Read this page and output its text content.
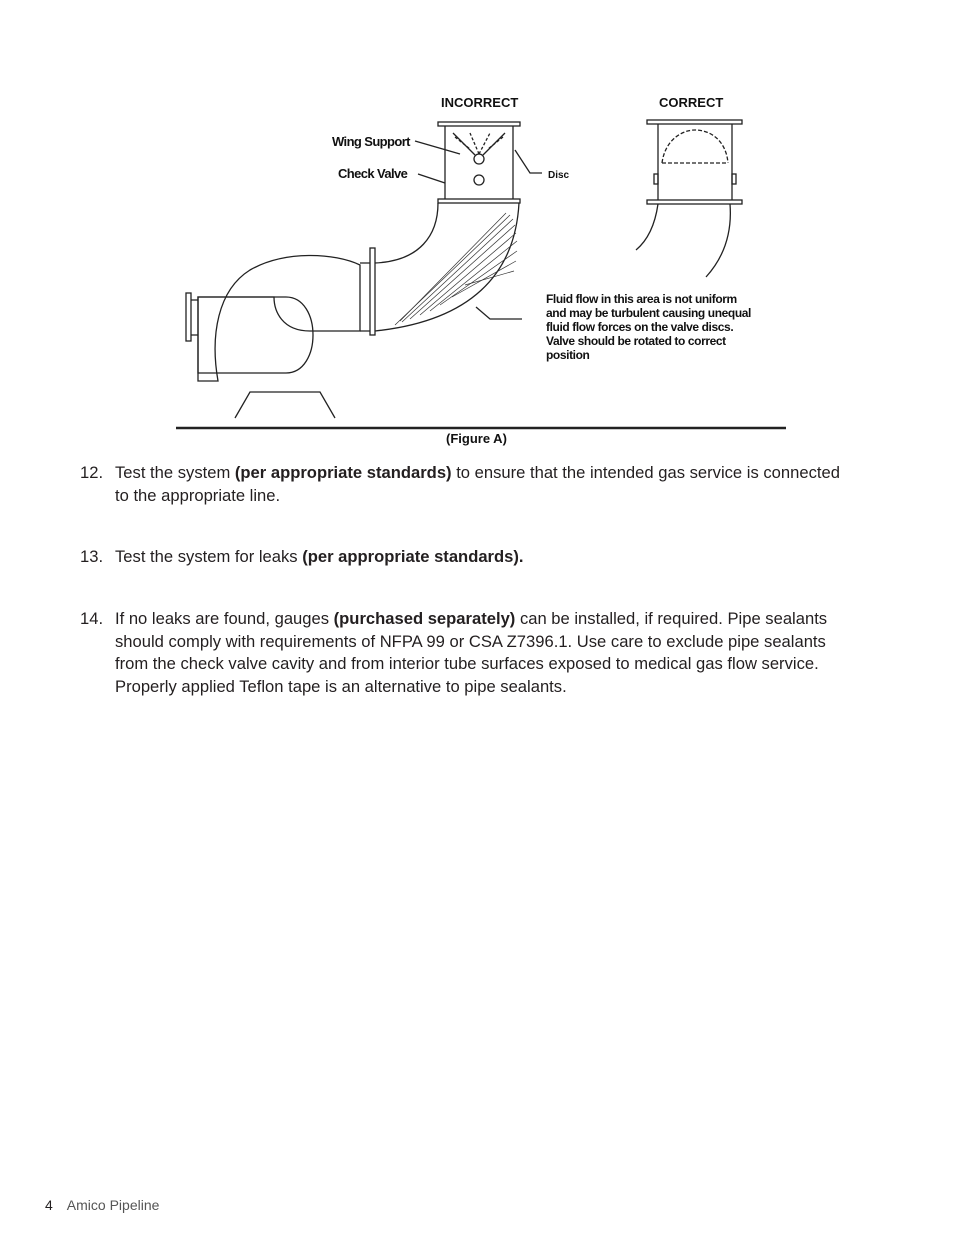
INCORRECT	CORRECT
Wing Support
Check Valve	Disc
Fluid flow in this area is not uniform
and may be turbulent causing unequal
fluid flow forces on the valve discs.
Valve should be rotated to correct
position
(Figure A)
12. Test the system (per appropriate standards) to ensure that the intended gas service is connected to the appropriate line.
13. Test the system for leaks (per appropriate standards).
14. If no leaks are found, gauges (purchased separately) can be installed, if required. Pipe sealants should comply with requirements of NFPA 99 or CSA Z7396.1. Use care to exclude pipe sealants from the check valve cavity and from interior tube surfaces exposed to medical gas flow service. Properly applied Teflon tape is an alternative to pipe sealants.
4 Amico Pipeline
